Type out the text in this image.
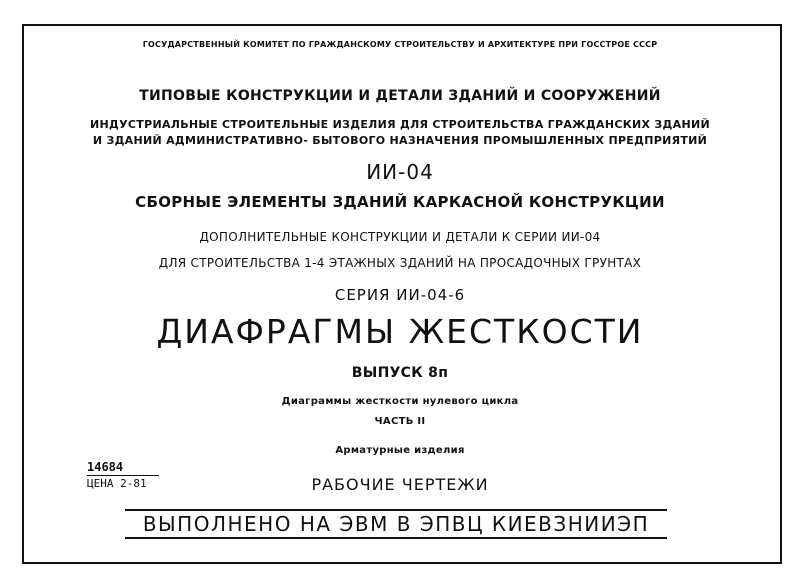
ГОСУДАРСТВЕННЫЙ КОМИТЕТ ПО ГРАЖДАНСКОМУ СТРОИТЕЛЬСТВУ И АРХИТЕКТУРЕ ПРИ ГОССТРОЕ СССР
ТИПОВЫЕ КОНСТРУКЦИИ И ДЕТАЛИ ЗДАНИЙ И СООРУЖЕНИЙ
ИНДУСТРИАЛЬНЫЕ СТРОИТЕЛЬНЫЕ ИЗДЕЛИЯ ДЛЯ СТРОИТЕЛЬСТВА ГРАЖДАНСКИХ ЗДАНИЙ
И ЗДАНИЙ АДМИНИСТРАТИВНО- БЫТОВОГО НАЗНАЧЕНИЯ ПРОМЫШЛЕННЫХ ПРЕДПРИЯТИЙ
ИИ-04
СБОРНЫЕ ЭЛЕМЕНТЫ ЗДАНИЙ КАРКАСНОЙ КОНСТРУКЦИИ
ДОПОЛНИТЕЛЬНЫЕ КОНСТРУКЦИИ И ДЕТАЛИ К СЕРИИ ИИ-04
ДЛЯ СТРОИТЕЛЬСТВА 1-4 ЭТАЖНЫХ ЗДАНИЙ НА ПРОСАДОЧНЫХ ГРУНТАХ
СЕРИЯ ИИ-04-6
ДИАФРАГМЫ ЖЕСТКОСТИ
ВЫПУСК 8п
Диаграммы жесткости нулевого цикла
ЧАСТЬ II
Арматурные изделия
РАБОЧИЕ ЧЕРТЕЖИ
14684
ЦЕНА 2-81
ВЫПОЛНЕНО НА ЭВМ В ЭПВЦ КИЕВЗНИИЭП
